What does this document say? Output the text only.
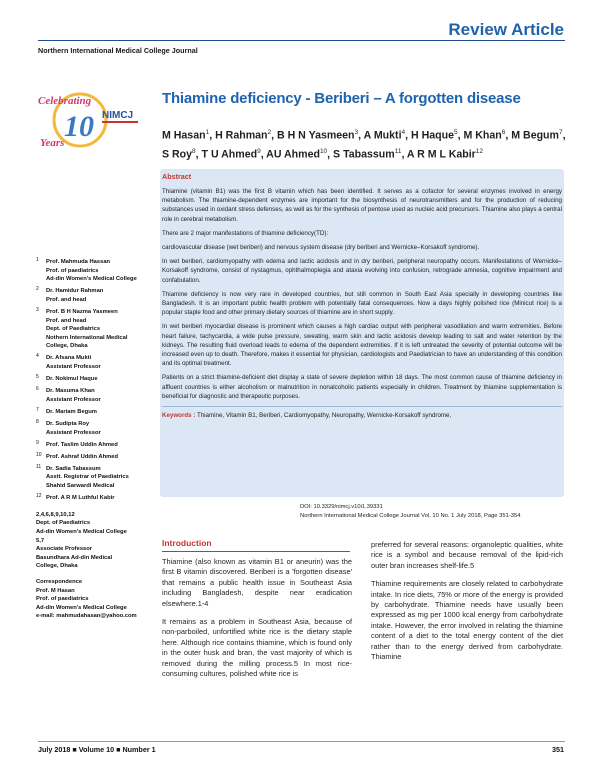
Review Article
Northern International Medical College Journal
Celebrating
10
Years
NIMCJ
Thiamine deficiency - Beriberi – A forgotten disease
M Hasan$^1$, H Rahman$^2$, B H N Yasmeen$^3$, A Mukti$^4$, H Haque$^5$, M Khan$^6$, M Begum$^7$,
S Roy$^8$, T U Ahmed$^9$, AU Ahmed$^{10}$, S Tabassum$^{11}$, A R M L Kabir$^{12}$
Abstract

Thiamine (vitamin B1) was the first B vitamin which has been identified. It serves as a cofactor for several enzymes involved in energy metabolism. The thiamine-dependent enzymes are important for the biosynthesis of neurotransmitters and for the production of reducing substances used in oxidant stress defenses, as well as for the synthesis of pentose used as nucleic acid precursors. Thiamine also plays a central role in cerebral metabolism.

There are 2 major manifestations of thiamine deficiency(TD):

cardiovascular disease (wet beriberi) and nervous system disease (dry beriberi and Wernicke–Korsakoff syndrome).

In wet beriberi, cardiomyopathy with edema and lactic acidosis and in dry beriberi, peripheral neuropathy occurs. Manifestations of Wernicke–Korsakoff syndrome, consist of nystagmus, ophthalmoplegia and ataxia evolving into confusion, retrograde amnesia, cognitive impairment and confabulation.

Thiamine deficiency is now very rare in developed countries, but still common in South East Asia specially in developing countries like Bangladesh. It is an important public health problem with potentially fatal consequences. Now a days highly polished rice (Minicut rice) is a popular staple food and other primary dietary sources of thiamine are in short supply.

In wet beriberi myocardial disease is prominent which causes a high cardiac output with peripheral vasodilation and warm extremities. Before heart failure, tachycardia, a wide pulse pressure, sweating, warm skin and lactic acidosis develop leading to salt and water retention by the kidneys. The resulting fluid overload leads to edema of the dependent extremities. If it is left untreated the severity of potential outcome will be increased even up to death. Therefore, makes it essential for physician, cardiologists and Paediatrician to have an understanding of this condition and its optimal treatment.

Patients on a strict thiamine-deficient diet display a state of severe depletion within 18 days. The most common cause of thiamine deficiency in affluent countries is either alcoholism or malnutrition in nonalcoholic patients especially in children. Treatment by thiamine supplementation is beneficial for diagnostic and therapeutic purposes.

Keywords : Thiamine, Vitamin B1, Beriberi, Cardiomyopathy, Neuropathy, Wernicke-Korsakoff syndrome,
DOI: 10.3329/nimcj.v10i1.39331
Northern International Medical College Journal Vol. 10 No. 1 July 2018, Page 351-354
1 Prof. Mahmuda Hassan
Prof. of paediatrics
Ad-din Women's Medical College
2 Dr. Hamidur Rahman
Prof. and head
3 Prof. B H Nazma Yasmeen
Prof. and head
Dept. of Paediatrics
Nothern International Medical
College, Dhaka
4 Dr. Afsana Mukti
Assistant Professor
5 Dr. Nokimul Haque
6 Dr. Masuma Khan
Assistant Professor
7 Dr. Mariam Begum
8 Dr. Sudipta Roy
Assistant Professor
9 Prof. Taslim Uddin Ahmed
10 Prof. Ashraf Uddin Ahmed
11 Dr. Sadia Tabassum
Asstt. Registrar of Paediatrics
Shahid Sarwardi Medical
12 Prof. A R M Luthful Kabir
2,4,6,8,9,10,12
Dept. of Paediatrics
Ad-din Women's Medical College
5,7
Associate Professor
Basundhara Ad-din Medical
College, Dhaka
Correspondence
Prof. M Hasan
Prof. of paediatrics
Ad-din Women's Medical College
e-mail: mahmudahasan@yahoo.com
Introduction

Thiamine (also known as vitamin B1 or aneurin) was the first B vitamin discovered. Beriberi is a 'forgotten disease' that remains a public health issue in Southeast Asia including Bangladesh, despite near eradication elsewhere.1-4

It remains as a problem in Southeast Asia, because of non-parboiled, unfortified white rice is the dietary staple here. Although rice contains thiamine, which is found only in the outer husk and bran, the vast majority of which is removed during the milling process.5 In most rice-consuming cultures, polished white rice is

preferred for several reasons: organoleptic qualities, white rice is a symbol and because removal of the lipid-rich outer bran increases shelf-life.5

Thiamine requirements are closely related to carbohydrate intake. In rice diets, 75% or more of the energy is provided by carbohydrate. Thiamine needs have usually been expressed as mg per 1000 kcal energy from carbohydrate intake. However, the error involved in relating the thiamine content of a diet to the total energy content of the diet rather than to the energy derived from carbohydrate. Thiamine

July 2018 ■ Volume 10 ■ Number 1	351
